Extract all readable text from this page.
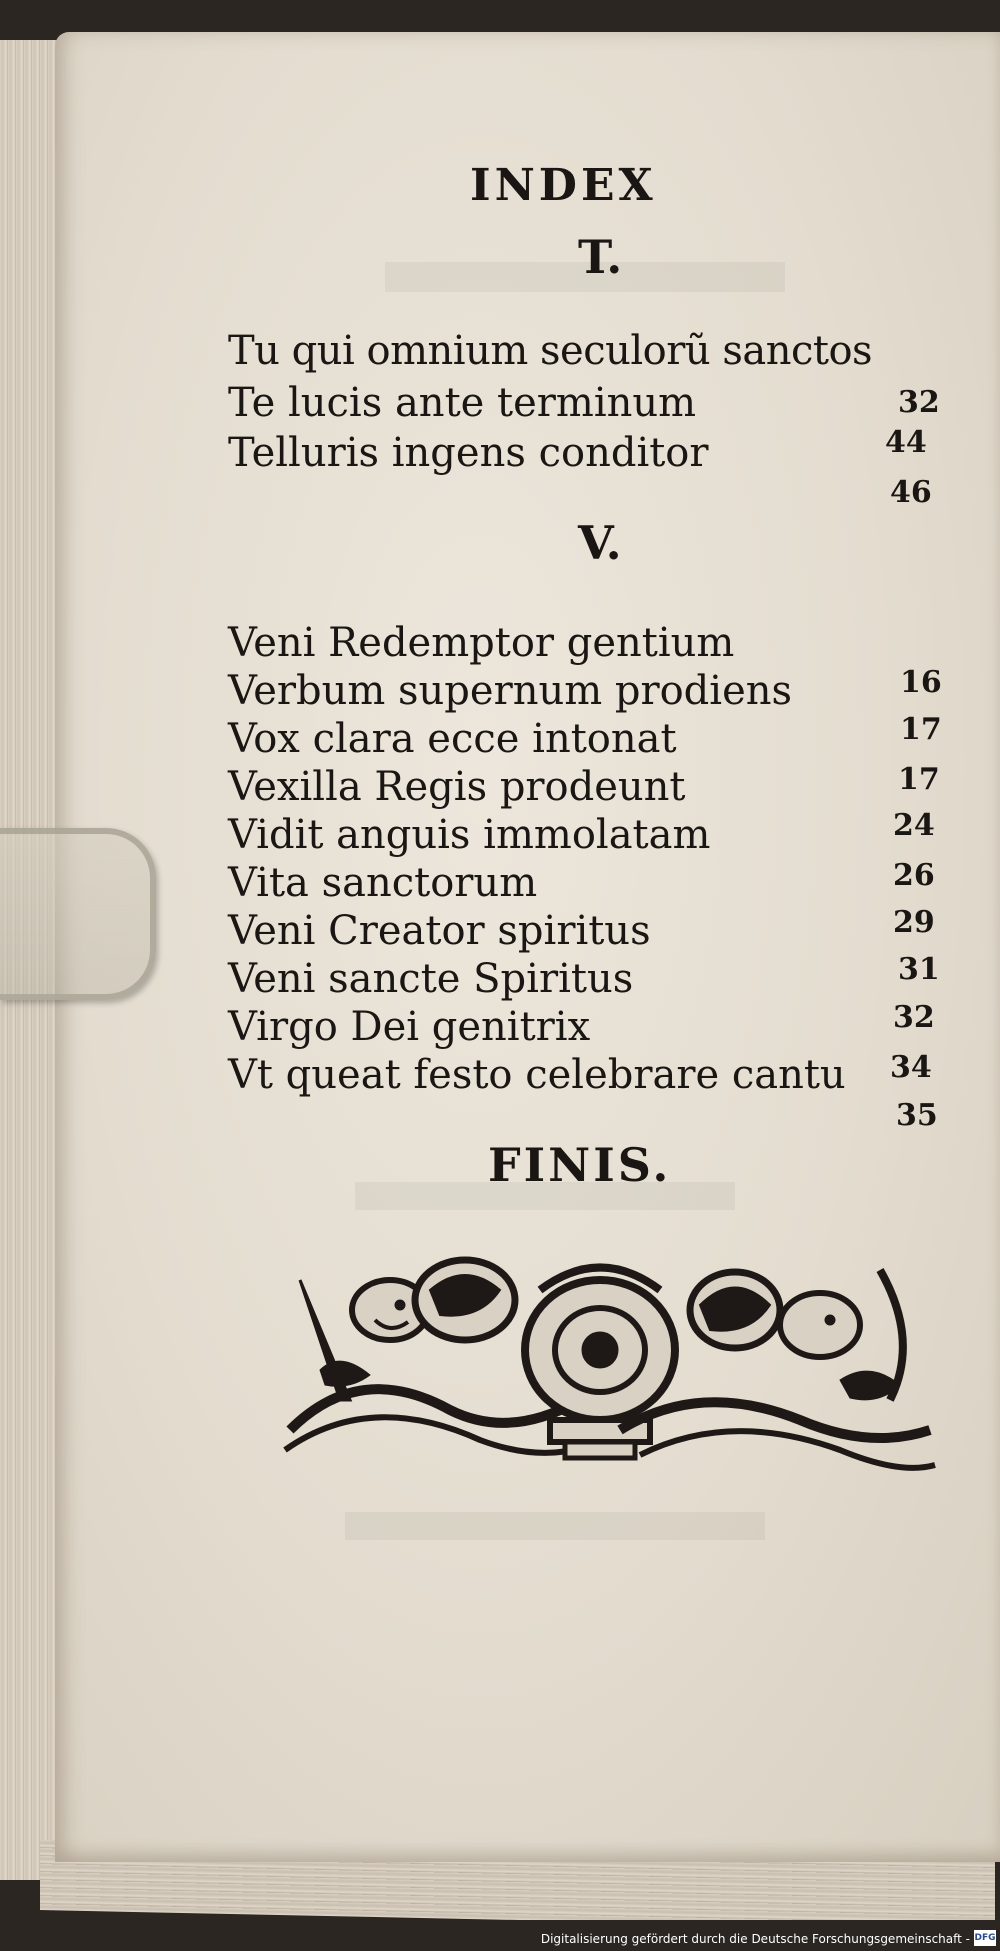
INDEX
T.
Tu qui omnium seculorũ sanctos
32
Te lucis ante terminum
44
Telluris ingens conditor
46
V.
Veni Redemptor gentium
16
Verbum supernum prodiens
17
Vox clara ecce intonat
17
Vexilla Regis prodeunt
24
Vidit anguis immolatam
26
Vita sanctorum
29
Veni Creator spiritus
31
Veni sancte Spiritus
32
Virgo Dei genitrix
34
Vt queat festo celebrare cantu
35
FINIS.
Digitalisierung gefördert durch die Deutsche Forschungsgemeinschaft - DFG
